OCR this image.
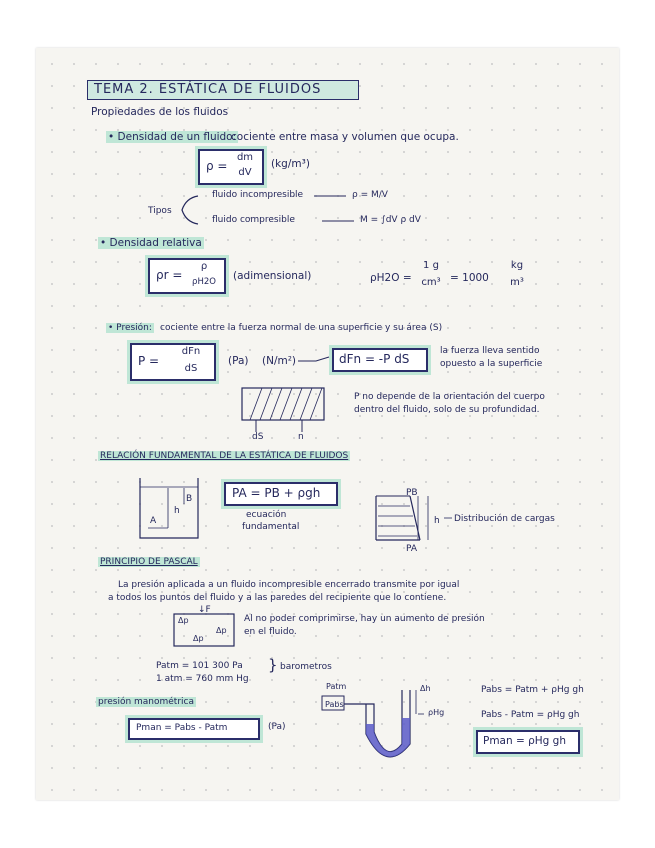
TEMA 2. ESTÁTICA DE FLUIDOS
Propiedades de los fluidos
• Densidad de un fluido:
cociente entre masa y volumen que ocupa.
ρ =
dm
dV
(kg/m³)
Tipos
fluido incompresible	ρ = M/V
fluido compresible	M = ∫dV ρ dV
• Densidad relativa
ρr =
ρ
ρH2O	(adimensional)	ρH2O =
1 g
cm³ = 1000
kg
m³
• Presión: cociente entre la fuerza normal de una superficie y su área (S)
P =
dFn
dS
(Pa) (N/m²)	dFn = -P dS
la fuerza lleva sentido
opuesto a la superficie
P no depende de la orientación del cuerpo
dentro del fluido, solo de su profundidad.
dS	n
RELACIÓN FUNDAMENTAL DE LA ESTÁTICA DE FLUIDOS
PA = PB + ρgh
ecuación
fundamental
A
B
h
PB
PA
h Distribución de cargas
PRINCIPIO DE PASCAL
La presión aplicada a un fluido incompresible encerrado transmite por igual
a todos los puntos del fluido y a las paredes del recipiente que lo contiene.
↓F
Δp
Δp
Δp
Al no poder comprimirse, hay un aumento de presión
en el fluido.
Patm = 101 300 Pa
1 atm = 760 mm Hg
} barometros
Patm
Pabs
Δh
ρHg
Pabs = Patm + ρHg gh
Pabs - Patm = ρHg gh
Pman = ρHg gh
presión manométrica
Pman = Pabs - Patm	(Pa)
